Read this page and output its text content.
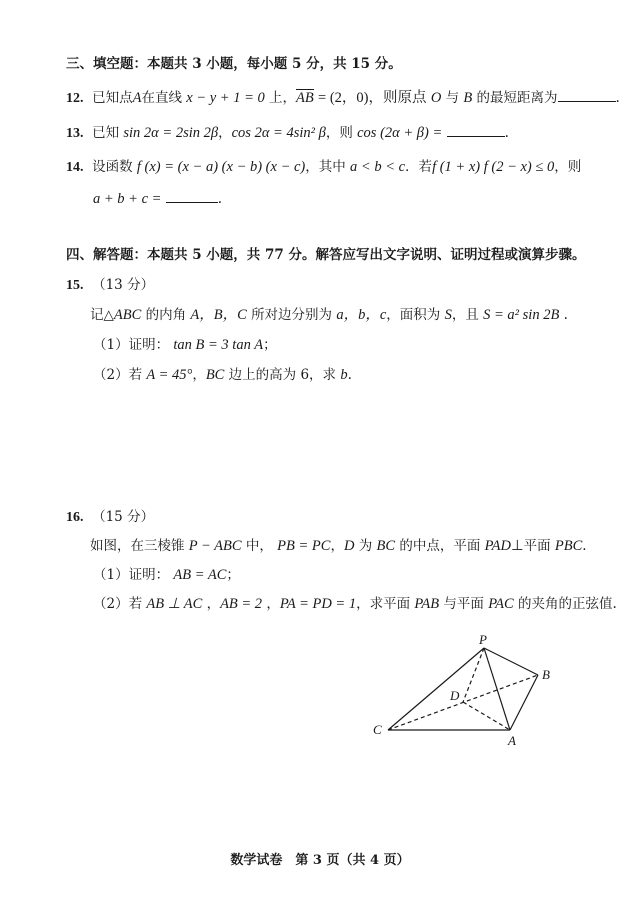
三、填空题：本题共 3 小题，每小题 5 分，共 15 分。
12. 已知点A在直线 x − y + 1 = 0 上，AB = (2，0)，则原点 O 与 B 的最短距离为	.
13. 已知 sin 2α = 2sin 2β，cos 2α = 4sin² β，则 cos (2α + β) =	.
14. 设函数 f (x) = (x − a) (x − b) (x − c)，其中 a < b < c．若f (1 + x) f (2 − x) ≤ 0，则
a + b + c =	.
四、解答题：本题共 5 小题，共 77 分。解答应写出文字说明、证明过程或演算步骤。
15. （13 分）
记△ABC 的内角 A，B，C 所对边分别为 a，b，c，面积为 S，且 S = a² sin 2B .
（1）证明： tan B = 3 tan A；
（2）若 A = 45°，BC 边上的高为 6，求 b.
16. （15 分）
如图，在三棱锥 P − ABC 中， PB = PC，D 为 BC 的中点，平面 PAD⊥平面 PBC.
（1）证明： AB = AC；
（2）若 AB ⊥ AC ，AB = 2 ，PA = PD = 1，求平面 PAB 与平面 PAC 的夹角的正弦值.
P
B
D
C
A
数学试卷　第 3 页（共 4 页）
